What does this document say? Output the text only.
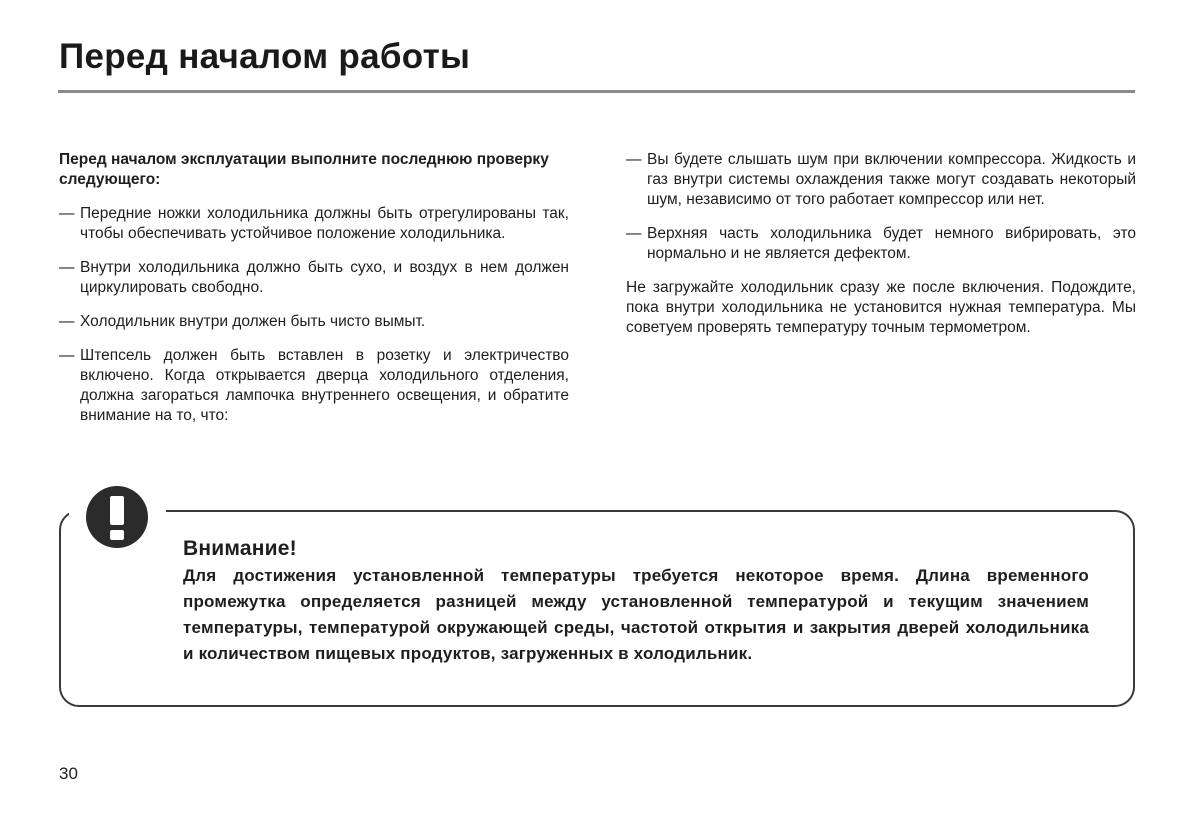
Перед началом работы
Перед началом эксплуатации выполните последнюю проверку следующего:
— Передние ножки холодильника должны быть отрегулированы так, чтобы обеспечивать устойчивое положение холодильника.
— Внутри холодильника должно быть сухо, и воздух в нем должен циркулировать свободно.
— Холодильник внутри должен быть чисто вымыт.
— Штепсель должен быть вставлен в розетку и электричество включено. Когда открывается дверца холодильного отделения, должна загораться лампочка внутреннего освещения, и обратите внимание на то, что:
— Вы будете слышать шум при включении компрессора. Жидкость и газ внутри системы охлаждения также могут создавать некоторый шум, независимо от того работает компрессор или нет.
— Верхняя часть холодильника будет немного вибрировать, это нормально и не является дефектом.
Не загружайте холодильник сразу же после включения. Подождите, пока внутри холодильника не установится нужная температура. Мы советуем проверять температуру точным термометром.
Внимание!
Для достижения установленной температуры требуется некоторое время. Длина временного промежутка определяется разницей между установленной температурой и текущим значением температуры, температурой окружающей среды, частотой открытия и закрытия дверей холодильника и количеством пищевых продуктов, загруженных в холодильник.
30
